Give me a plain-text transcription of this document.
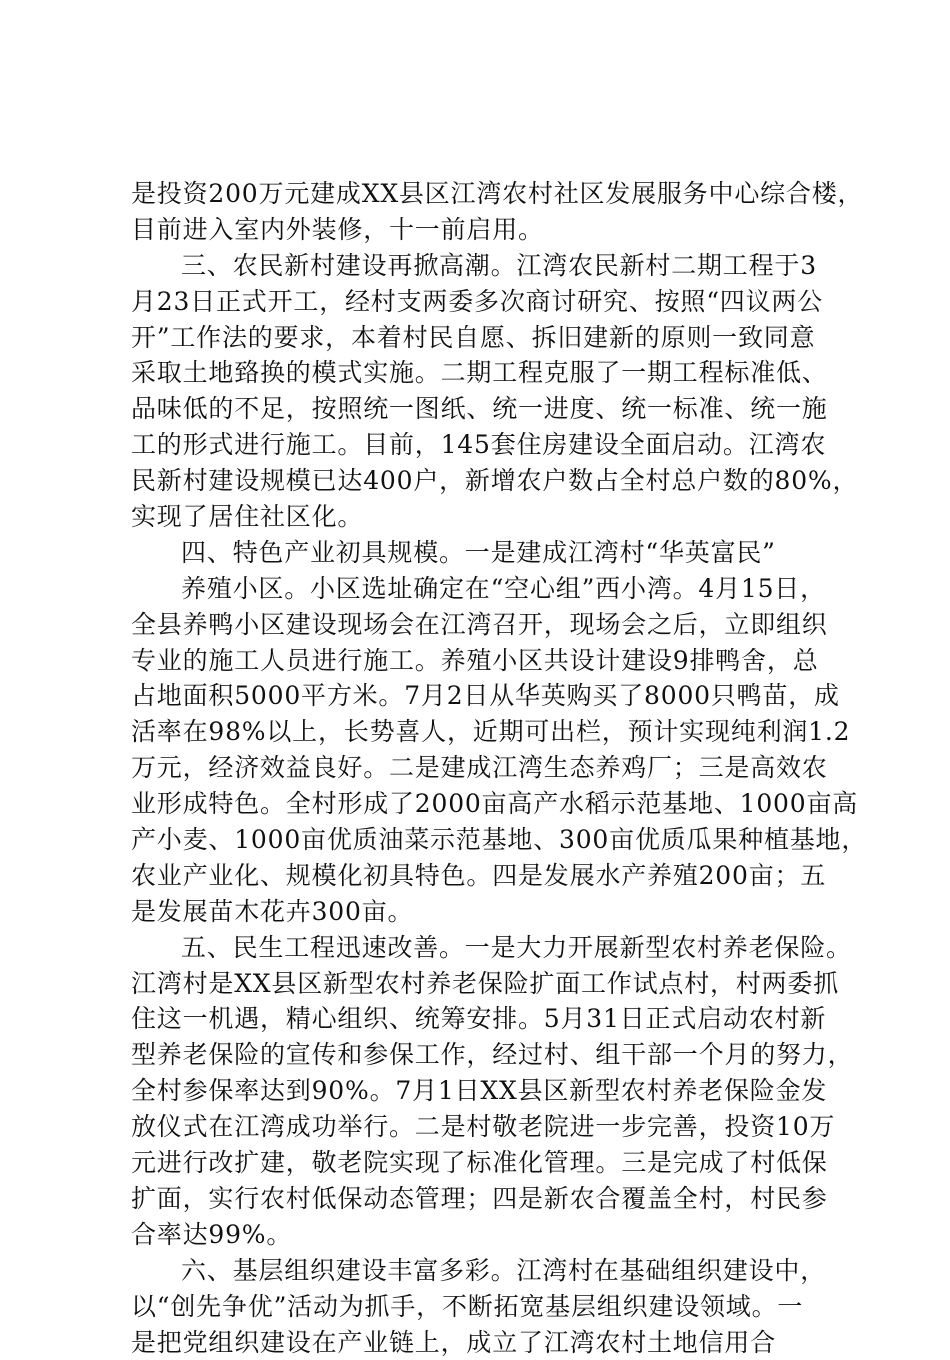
是投资200万元建成XX县区江湾农村社区发展服务中心综合楼，
目前进入室内外装修，十一前启用。
三、农民新村建设再掀高潮。江湾农民新村二期工程于3
月23日正式开工，经村支两委多次商讨研究、按照“四议两公
开”工作法的要求，本着村民自愿、拆旧建新的原则一致同意
采取土地臵换的模式实施。二期工程克服了一期工程标准低、
品味低的不足，按照统一图纸、统一进度、统一标准、统一施
工的形式进行施工。目前，145套住房建设全面启动。江湾农
民新村建设规模已达400户，新增农户数占全村总户数的80%，
实现了居住社区化。
四、特色产业初具规模。一是建成江湾村“华英富民”
养殖小区。小区选址确定在“空心组”西小湾。4月15日，
全县养鸭小区建设现场会在江湾召开，现场会之后，立即组织
专业的施工人员进行施工。养殖小区共设计建设9排鸭舍，总
占地面积5000平方米。7月2日从华英购买了8000只鸭苗，成
活率在98%以上，长势喜人，近期可出栏，预计实现纯利润1.2
万元，经济效益良好。二是建成江湾生态养鸡厂；三是高效农
业形成特色。全村形成了2000亩高产水稻示范基地、1000亩高
产小麦、1000亩优质油菜示范基地、300亩优质瓜果种植基地，
农业产业化、规模化初具特色。四是发展水产养殖200亩；五
是发展苗木花卉300亩。
五、民生工程迅速改善。一是大力开展新型农村养老保险。
江湾村是XX县区新型农村养老保险扩面工作试点村，村两委抓
住这一机遇，精心组织、统筹安排。5月31日正式启动农村新
型养老保险的宣传和参保工作，经过村、组干部一个月的努力，
全村参保率达到90%。7月1日XX县区新型农村养老保险金发
放仪式在江湾成功举行。二是村敬老院进一步完善，投资10万
元进行改扩建，敬老院实现了标准化管理。三是完成了村低保
扩面，实行农村低保动态管理；四是新农合覆盖全村，村民参
合率达99%。
六、基层组织建设丰富多彩。江湾村在基础组织建设中，
以“创先争优”活动为抓手，不断拓宽基层组织建设领域。一
是把党组织建设在产业链上，成立了江湾农村土地信用合
